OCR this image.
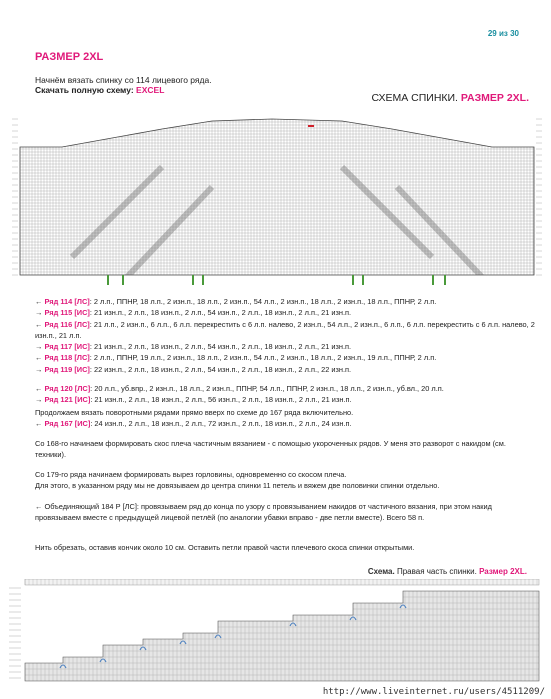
29 из 30
РАЗМЕР 2XL
Начнём вязать спинку со 114 лицевого ряда.
Скачать полную схему: EXCEL
СХЕМА СПИНКИ. РАЗМЕР 2XL.
← Ряд 114 [ЛС]: 2 л.п., ППНР, 18 л.п., 2 изн.п., 18 л.п., 2 изн.п., 54 л.п., 2 изн.п., 18 л.п., 2 изн.п., 18 л.п., ППНР, 2 л.п.
→ Ряд 115 [ИС]: 21 изн.п., 2 л.п., 18 изн.п., 2 л.п., 54 изн.п., 2 л.п., 18 изн.п., 2 л.п., 21 изн.п.
← Ряд 116 [ЛС]: 21 л.п., 2 изн.п., 6 л.п., 6 л.п. перекрестить с 6 л.п. налево, 2 изн.п., 54 л.п., 2 изн.п., 6 л.п., 6 л.п. перекрестить с 6 л.п. налево, 2 изн.п., 21 л.п.
→ Ряд 117 [ИС]: 21 изн.п., 2 л.п., 18 изн.п., 2 л.п., 54 изн.п., 2 л.п., 18 изн.п., 2 л.п., 21 изн.п.
← Ряд 118 [ЛС]: 2 л.п., ППНР, 19 л.п., 2 изн.п., 18 л.п., 2 изн.п., 54 л.п., 2 изн.п., 18 л.п., 2 изн.п., 19 л.п., ППНР, 2 л.п.
→ Ряд 119 [ИС]: 22 изн.п., 2 л.п., 18 изн.п., 2 л.п., 54 изн.п., 2 л.п., 18 изн.п., 2 л.п., 22 изн.п.
← Ряд 120 [ЛС]: 20 л.п., уб.впр., 2 изн.п., 18 л.п., 2 изн.п., ППНР, 54 л.п., ППНР, 2 изн.п., 18 л.п., 2 изн.п., уб.вл., 20 л.п.
→ Ряд 121 [ИС]: 21 изн.п., 2 л.п., 18 изн.п., 2 л.п., 56 изн.п., 2 л.п., 18 изн.п., 2 л.п., 21 изн.п.
Продолжаем вязать поворотными рядами прямо вверх по схеме до 167 ряда включительно.
← Ряд 167 [ИС]: 24 изн.п., 2 л.п., 18 изн.п., 2 л.п., 72 изн.п., 2 л.п., 18 изн.п., 2 л.п., 24 изн.п.
Со 168-го начинаем формировать скос плеча частичным вязанием - с помощью укороченных рядов. У меня это разворот с накидом (см. техники).
Со 179-го ряда начинаем формировать вырез горловины, одновременно со скосом плеча.
Для этого, в указанном ряду мы не довязываем до центра спинки 11 петель и вяжем две половинки спинки отдельно.
← Объединяющий 184 Р [ЛС]: провязываем ряд до конца по узору с провязыванием накидов от частичного вязания, при этом накид провязываем вместе с предыдущей лицевой петлёй (по аналогии убавки вправо - две петли вместе). Всего 58 п.
Нить обрезать, оставив кончик около 10 см. Оставить петли правой части плечевого скоса спинки открытыми.
Схема. Правая часть спинки. Размер 2XL.
http://www.liveinternet.ru/users/4511209/
